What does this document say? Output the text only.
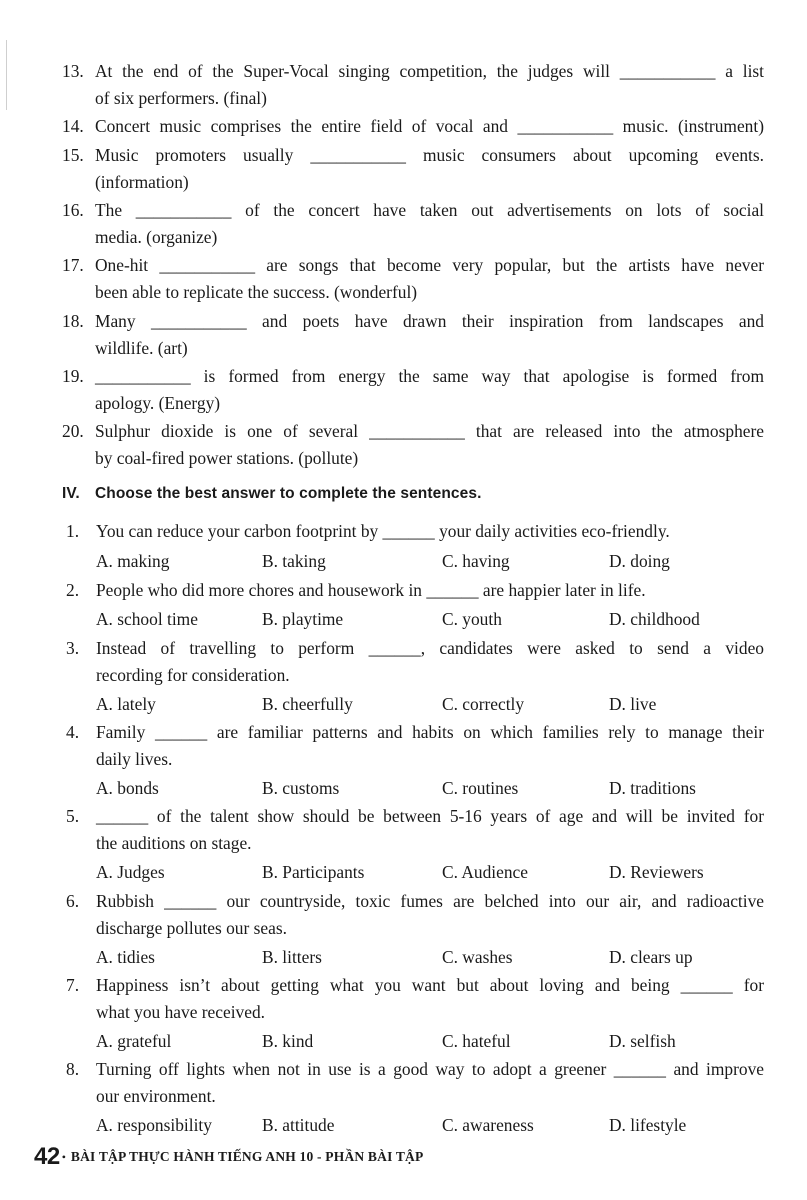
13. At the end of the Super-Vocal singing competition, the judges will ___________ a list
of six performers. (final)
14. Concert music comprises the entire field of vocal and ___________ music. (instrument)
15. Music promoters usually ___________ music consumers about upcoming events.
(information)
16. The ___________ of the concert have taken out advertisements on lots of social
media. (organize)
17. One-hit ___________ are songs that become very popular, but the artists have never
been able to replicate the success. (wonderful)
18. Many ___________ and poets have drawn their inspiration from landscapes and
wildlife. (art)
19. ___________ is formed from energy the same way that apologise is formed from
apology. (Energy)
20. Sulphur dioxide is one of several ___________ that are released into the atmosphere
by coal-fired power stations. (pollute)
IV. Choose the best answer to complete the sentences.
1. You can reduce your carbon footprint by ______ your daily activities eco-friendly.
A. making	B. taking	C. having	D. doing
2. People who did more chores and housework in ______ are happier later in life.
A. school time	B. playtime	C. youth	D. childhood
3. Instead of travelling to perform ______, candidates were asked to send a video
recording for consideration.
A. lately	B. cheerfully	C. correctly	D. live
4. Family ______ are familiar patterns and habits on which families rely to manage their
daily lives.
A. bonds	B. customs	C. routines	D. traditions
5. ______ of the talent show should be between 5-16 years of age and will be invited for
the auditions on stage.
A. Judges	B. Participants	C. Audience	D. Reviewers
6. Rubbish ______ our countryside, toxic fumes are belched into our air, and radioactive
discharge pollutes our seas.
A. tidies	B. litters	C. washes	D. clears up
7. Happiness isn’t about getting what you want but about loving and being ______ for
what you have received.
A. grateful	B. kind	C. hateful	D. selfish
8. Turning off lights when not in use is a good way to adopt a greener ______ and improve
our environment.
A. responsibility	B. attitude	C. awareness	D. lifestyle
42 • BÀI TẬP THỰC HÀNH TIẾNG ANH 10 - PHẦN BÀI TẬP
